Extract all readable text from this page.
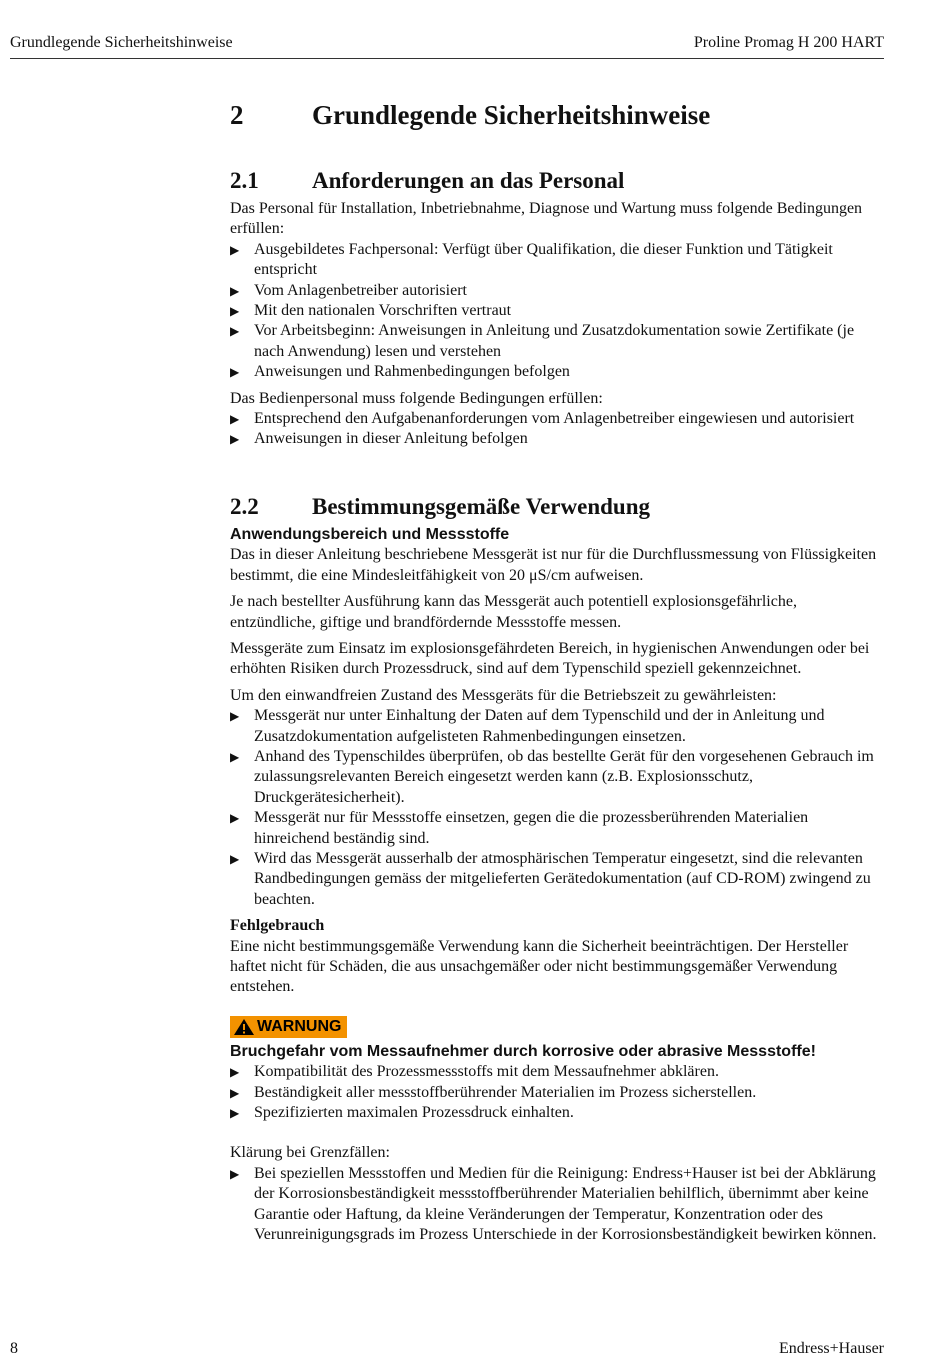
Grundlegende Sicherheitshinweise	Proline Promag H 200 HART
2	Grundlegende Sicherheitshinweise
2.1	Anforderungen an das Personal
Das Personal für Installation, Inbetriebnahme, Diagnose und Wartung muss folgende Bedingungen erfüllen:
▶ Ausgebildetes Fachpersonal: Verfügt über Qualifikation, die dieser Funktion und Tätigkeit entspricht
▶ Vom Anlagenbetreiber autorisiert
▶ Mit den nationalen Vorschriften vertraut
▶ Vor Arbeitsbeginn: Anweisungen in Anleitung und Zusatzdokumentation sowie Zertifikate (je nach Anwendung) lesen und verstehen
▶ Anweisungen und Rahmenbedingungen befolgen
Das Bedienpersonal muss folgende Bedingungen erfüllen:
▶ Entsprechend den Aufgabenanforderungen vom Anlagenbetreiber eingewiesen und autorisiert
▶ Anweisungen in dieser Anleitung befolgen
2.2	Bestimmungsgemäße Verwendung
Anwendungsbereich und Messstoffe
Das in dieser Anleitung beschriebene Messgerät ist nur für die Durchflussmessung von Flüssigkeiten bestimmt, die eine Mindesleitfähigkeit von 20 μS/cm aufweisen.
Je nach bestellter Ausführung kann das Messgerät auch potentiell explosionsgefährliche, entzündliche, giftige und brandfördernde Messstoffe messen.
Messgeräte zum Einsatz im explosionsgefährdeten Bereich, in hygienischen Anwendungen oder bei erhöhten Risiken durch Prozessdruck, sind auf dem Typenschild speziell gekennzeichnet.
Um den einwandfreien Zustand des Messgeräts für die Betriebszeit zu gewährleisten:
▶ Messgerät nur unter Einhaltung der Daten auf dem Typenschild und der in Anleitung und Zusatzdokumentation aufgelisteten Rahmenbedingungen einsetzen.
▶ Anhand des Typenschildes überprüfen, ob das bestellte Gerät für den vorgesehenen Gebrauch im zulassungsrelevanten Bereich eingesetzt werden kann (z.B. Explosionsschutz, Druckgerätesicherheit).
▶ Messgerät nur für Messstoffe einsetzen, gegen die die prozessberührenden Materialien hinreichend beständig sind.
▶ Wird das Messgerät ausserhalb der atmosphärischen Temperatur eingesetzt, sind die relevanten Randbedingungen gemäss der mitgelieferten Gerätedokumentation (auf CD-ROM) zwingend zu beachten.
Fehlgebrauch
Eine nicht bestimmungsgemäße Verwendung kann die Sicherheit beeinträchtigen. Der Hersteller haftet nicht für Schäden, die aus unsachgemäßer oder nicht bestimmungsgemäßer Verwendung entstehen.
WARNUNG
Bruchgefahr vom Messaufnehmer durch korrosive oder abrasive Messstoffe!
▶ Kompatibilität des Prozessmessstoffs mit dem Messaufnehmer abklären.
▶ Beständigkeit aller messstoffberührender Materialien im Prozess sicherstellen.
▶ Spezifizierten maximalen Prozessdruck einhalten.
Klärung bei Grenzfällen:
▶ Bei speziellen Messstoffen und Medien für die Reinigung: Endress+Hauser ist bei der Abklärung der Korrosionsbeständigkeit messstoffberührender Materialien behilflich, übernimmt aber keine Garantie oder Haftung, da kleine Veränderungen der Temperatur, Konzentration oder des Verunreinigungsgrads im Prozess Unterschiede in der Korrosionsbeständigkeit bewirken können.
8	Endress+Hauser
